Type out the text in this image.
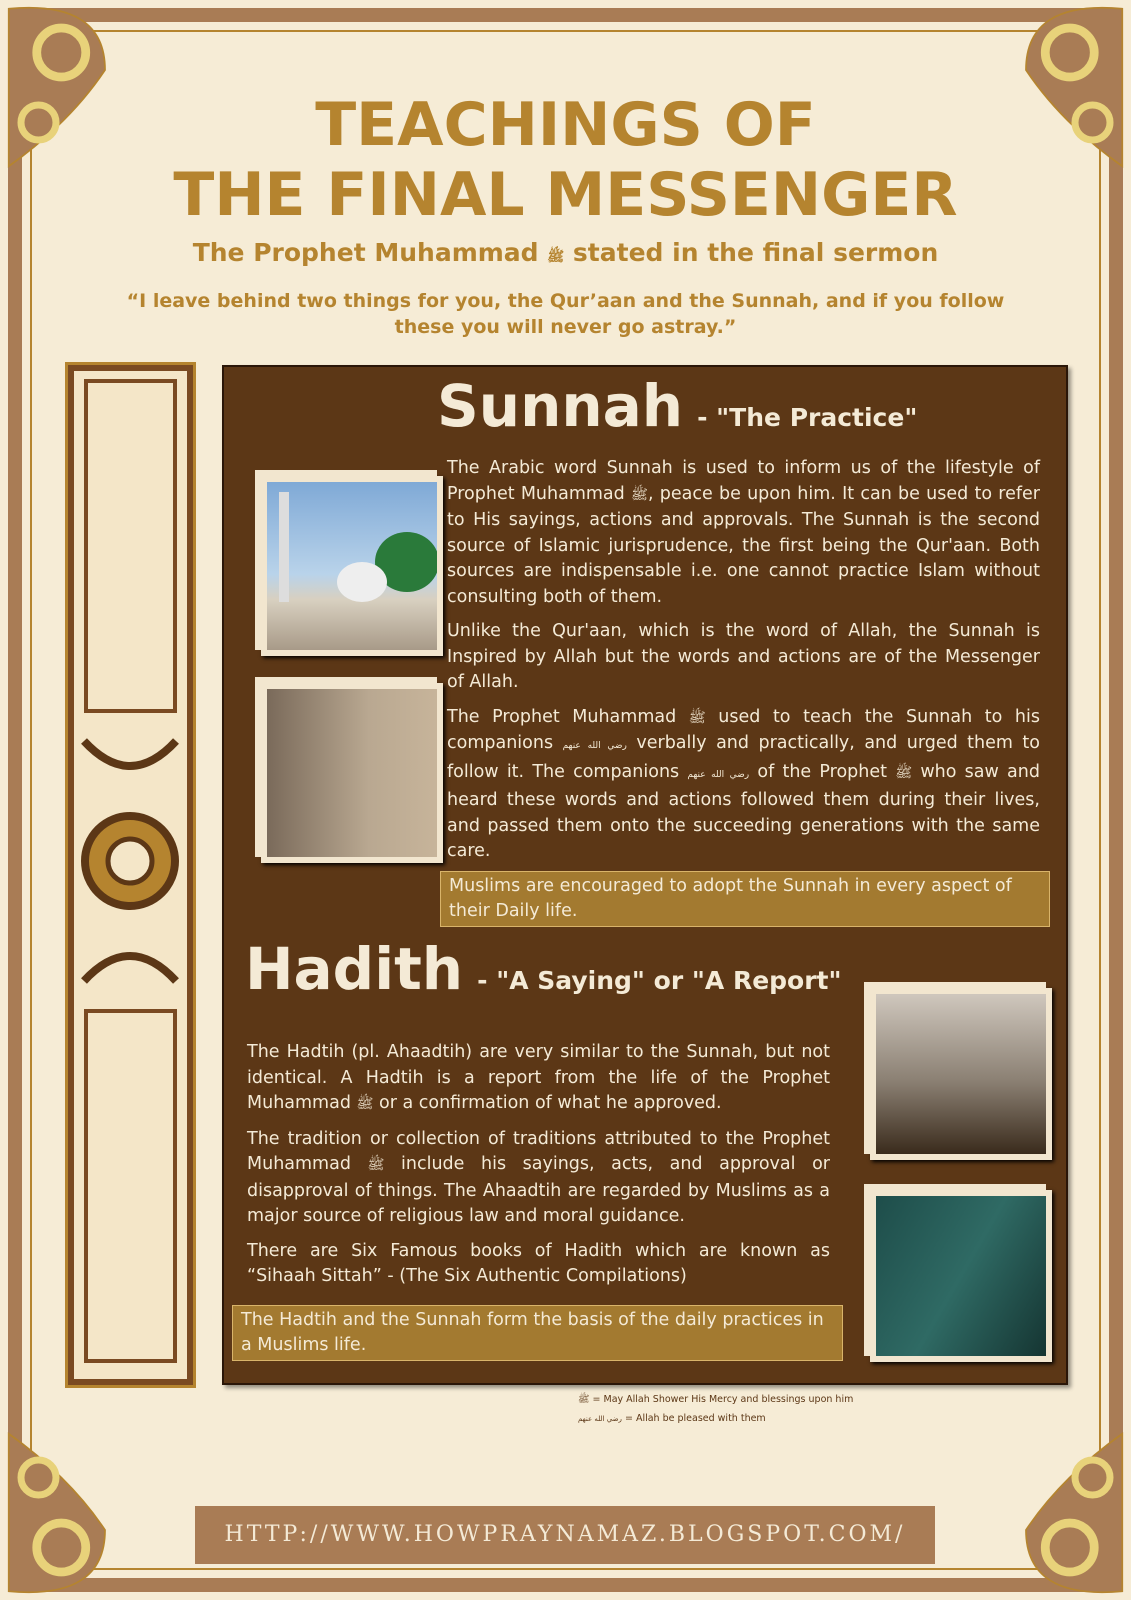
TEACHINGS OF
THE FINAL MESSENGER
The Prophet Muhammad ﷺ stated in the final sermon
“I leave behind two things for you, the Qur’aan and the Sunnah, and if you follow these you will never go astray.”
Sunnah - "The Practice"

The Arabic word Sunnah is used to inform us of the lifestyle of Prophet Muhammad ﷺ, peace be upon him. It can be used to refer to His sayings, actions and approvals. The Sunnah is the second source of Islamic jurisprudence, the first being the Qur'aan. Both sources are indispensable i.e. one cannot practice Islam without consulting both of them.

Unlike the Qur'aan, which is the word of Allah, the Sunnah is Inspired by Allah but the words and actions are of the Messenger of Allah.

The Prophet Muhammad ﷺ used to teach the Sunnah to his companions رضي الله عنهم verbally and practically, and urged them to follow it. The companions رضي الله عنهم of the Prophet ﷺ who saw and heard these words and actions followed them during their lives, and passed them onto the succeeding generations with the same care.

Muslims are encouraged to adopt the Sunnah in every aspect of their Daily life.
Hadith - "A Saying" or "A Report"

The Hadtih (pl. Ahaadtih) are very similar to the Sunnah, but not identical. A Hadtih is a report from the life of the Prophet Muhammad ﷺ or a confirmation of what he approved.

The tradition or collection of traditions attributed to the Prophet Muhammad ﷺ include his sayings, acts, and approval or disapproval of things. The Ahaadtih are regarded by Muslims as a major source of religious law and moral guidance.

There are Six Famous books of Hadith which are known as “Sihaah Sittah” - (The Six Authentic Compilations)

The Hadtih and the Sunnah form the basis of the daily practices in a Muslims life.
ﷺ = May Allah Shower His Mercy and blessings upon him
رضي الله عنهم = Allah be pleased with them
HTTP://WWW.HOWPRAYNAMAZ.BLOGSPOT.COM/
